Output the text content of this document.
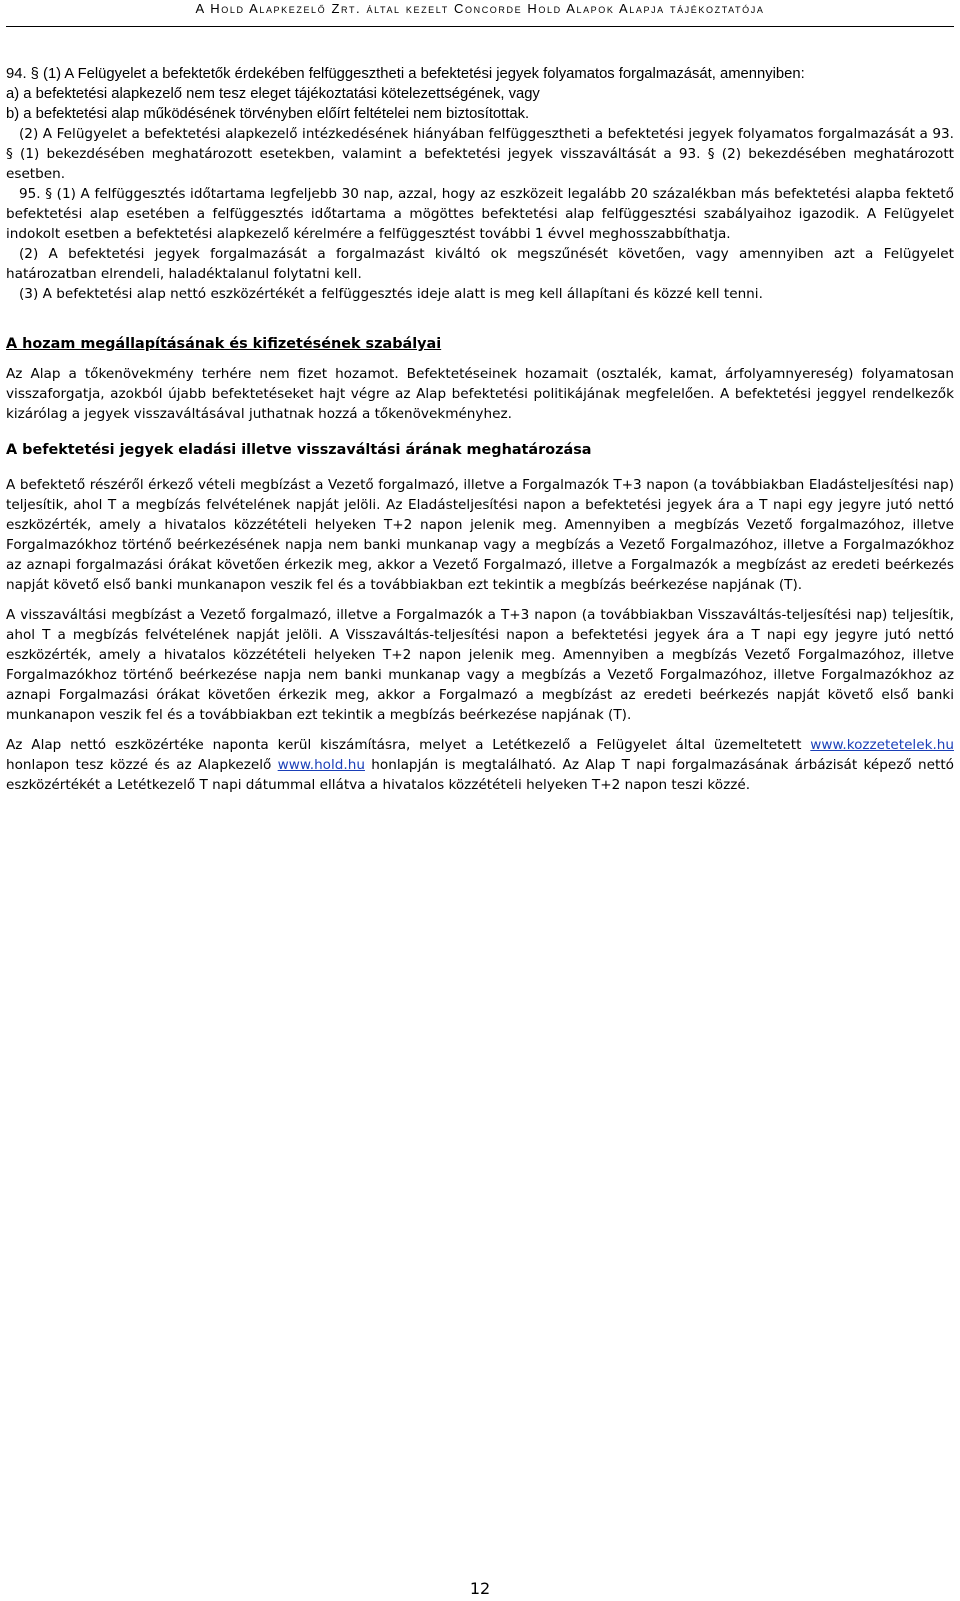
A Hold Alapkezelő Zrt. által kezelt Concorde Hold Alapok Alapja tájékoztatója

94. § (1) A Felügyelet a befektetők érdekében felfüggesztheti a befektetési jegyek folyamatos forgalmazását, amennyiben:

a) a befektetési alapkezelő nem tesz eleget tájékoztatási kötelezettségének, vagy

b) a befektetési alap működésének törvényben előírt feltételei nem biztosítottak.

(2) A Felügyelet a befektetési alapkezelő intézkedésének hiányában felfüggesztheti a befektetési jegyek folyamatos forgalmazását a 93. § (1) bekezdésében meghatározott esetekben, valamint a befektetési jegyek visszaváltását a 93. § (2) bekezdésében meghatározott esetben.

95. § (1) A felfüggesztés időtartama legfeljebb 30 nap, azzal, hogy az eszközeit legalább 20 százalékban más befektetési alapba fektető befektetési alap esetében a felfüggesztés időtartama a mögöttes befektetési alap felfüggesztési szabályaihoz igazodik. A Felügyelet indokolt esetben a befektetési alapkezelő kérelmére a felfüggesztést további 1 évvel meghosszabbíthatja.

(2) A befektetési jegyek forgalmazását a forgalmazást kiváltó ok megszűnését követően, vagy amennyiben azt a Felügyelet határozatban elrendeli, haladéktalanul folytatni kell.

(3) A befektetési alap nettó eszközértékét a felfüggesztés ideje alatt is meg kell állapítani és közzé kell tenni.

A hozam megállapításának és kifizetésének szabályai

Az Alap a tőkenövekmény terhére nem fizet hozamot. Befektetéseinek hozamait (osztalék, kamat, árfolyamnyereség) folyamatosan visszaforgatja, azokból újabb befektetéseket hajt végre az Alap befektetési politikájának megfelelően. A befektetési jeggyel rendelkezők kizárólag a jegyek visszaváltásával juthatnak hozzá a tőkenövekményhez.

A befektetési jegyek eladási illetve visszaváltási árának meghatározása

A befektető részéről érkező vételi megbízást a Vezető forgalmazó, illetve a Forgalmazók T+3 napon (a továbbiakban Eladásteljesítési nap) teljesítik, ahol T a megbízás felvételének napját jelöli. Az Eladásteljesítési napon a befektetési jegyek ára a T napi egy jegyre jutó nettó eszközérték, amely a hivatalos közzétételi helyeken T+2 napon jelenik meg. Amennyiben a megbízás Vezető forgalmazóhoz, illetve Forgalmazókhoz történő beérkezésének napja nem banki munkanap vagy a megbízás a Vezető Forgalmazóhoz, illetve a Forgalmazókhoz az aznapi forgalmazási órákat követően érkezik meg, akkor a Vezető Forgalmazó, illetve a Forgalmazók a megbízást az eredeti beérkezés napját követő első banki munkanapon veszik fel és a továbbiakban ezt tekintik a megbízás beérkezése napjának (T).

A visszaváltási megbízást a Vezető forgalmazó, illetve a Forgalmazók a T+3 napon (a továbbiakban Visszaváltás-teljesítési nap) teljesítik, ahol T a megbízás felvételének napját jelöli. A Visszaváltás-teljesítési napon a befektetési jegyek ára a T napi egy jegyre jutó nettó eszközérték, amely a hivatalos közzétételi helyeken T+2 napon jelenik meg. Amennyiben a megbízás Vezető Forgalmazóhoz, illetve Forgalmazókhoz történő beérkezése napja nem banki munkanap vagy a megbízás a Vezető Forgalmazóhoz, illetve Forgalmazókhoz az aznapi Forgalmazási órákat követően érkezik meg, akkor a Forgalmazó a megbízást az eredeti beérkezés napját követő első banki munkanapon veszik fel és a továbbiakban ezt tekintik a megbízás beérkezése napjának (T).

Az Alap nettó eszközértéke naponta kerül kiszámításra, melyet a Letétkezelő a Felügyelet által üzemeltetett www.kozzetetelek.hu honlapon tesz közzé és az Alapkezelő www.hold.hu honlapján is megtalálható. Az Alap T napi forgalmazásának árbázisát képező nettó eszközértékét a Letétkezelő T napi dátummal ellátva a hivatalos közzétételi helyeken T+2 napon teszi közzé.

12
